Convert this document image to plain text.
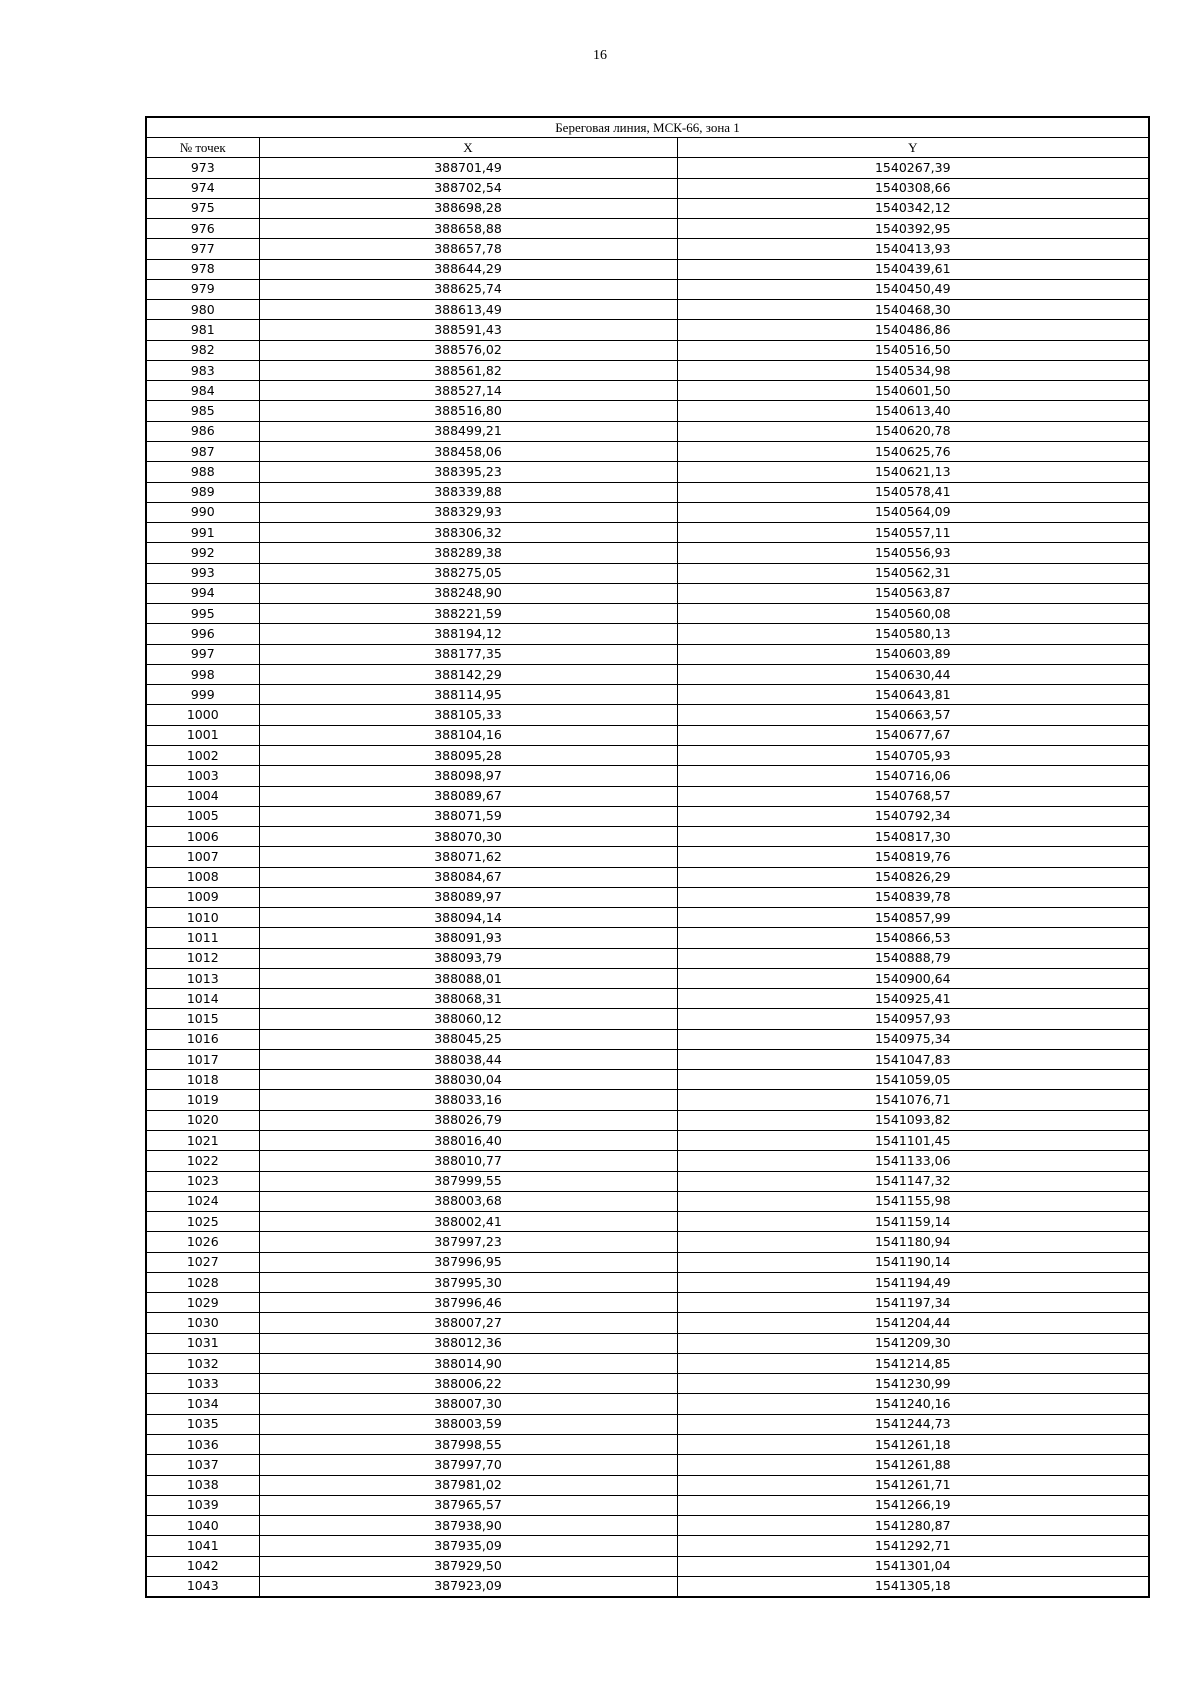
16
Береговая линия, МСК-66, зона 1		
№ точек	X	Y
973	388701,49	1540267,39
974	388702,54	1540308,66
975	388698,28	1540342,12
976	388658,88	1540392,95
977	388657,78	1540413,93
978	388644,29	1540439,61
979	388625,74	1540450,49
980	388613,49	1540468,30
981	388591,43	1540486,86
982	388576,02	1540516,50
983	388561,82	1540534,98
984	388527,14	1540601,50
985	388516,80	1540613,40
986	388499,21	1540620,78
987	388458,06	1540625,76
988	388395,23	1540621,13
989	388339,88	1540578,41
990	388329,93	1540564,09
991	388306,32	1540557,11
992	388289,38	1540556,93
993	388275,05	1540562,31
994	388248,90	1540563,87
995	388221,59	1540560,08
996	388194,12	1540580,13
997	388177,35	1540603,89
998	388142,29	1540630,44
999	388114,95	1540643,81
1000	388105,33	1540663,57
1001	388104,16	1540677,67
1002	388095,28	1540705,93
1003	388098,97	1540716,06
1004	388089,67	1540768,57
1005	388071,59	1540792,34
1006	388070,30	1540817,30
1007	388071,62	1540819,76
1008	388084,67	1540826,29
1009	388089,97	1540839,78
1010	388094,14	1540857,99
1011	388091,93	1540866,53
1012	388093,79	1540888,79
1013	388088,01	1540900,64
1014	388068,31	1540925,41
1015	388060,12	1540957,93
1016	388045,25	1540975,34
1017	388038,44	1541047,83
1018	388030,04	1541059,05
1019	388033,16	1541076,71
1020	388026,79	1541093,82
1021	388016,40	1541101,45
1022	388010,77	1541133,06
1023	387999,55	1541147,32
1024	388003,68	1541155,98
1025	388002,41	1541159,14
1026	387997,23	1541180,94
1027	387996,95	1541190,14
1028	387995,30	1541194,49
1029	387996,46	1541197,34
1030	388007,27	1541204,44
1031	388012,36	1541209,30
1032	388014,90	1541214,85
1033	388006,22	1541230,99
1034	388007,30	1541240,16
1035	388003,59	1541244,73
1036	387998,55	1541261,18
1037	387997,70	1541261,88
1038	387981,02	1541261,71
1039	387965,57	1541266,19
1040	387938,90	1541280,87
1041	387935,09	1541292,71
1042	387929,50	1541301,04
1043	387923,09	1541305,18
